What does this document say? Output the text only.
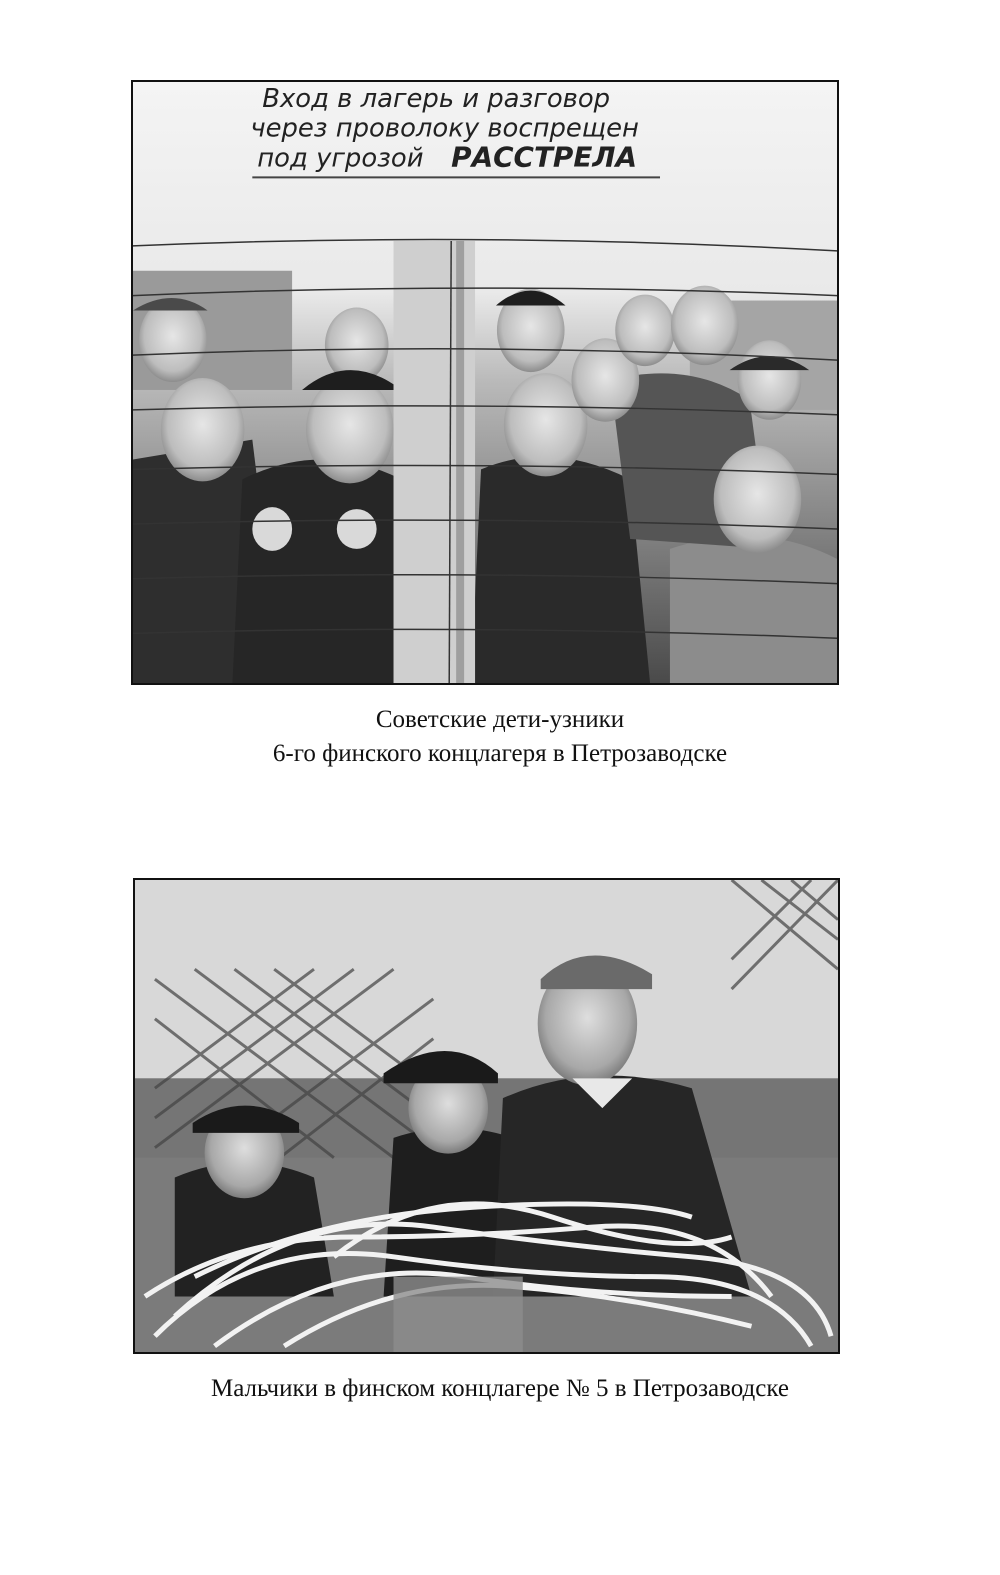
Вход в лагерь и разговор
через проволоку воспрещен
под угрозой РАССТРЕЛА
Советские дети-узники
6-го финского концлагеря в Петрозаводске
Мальчики в финском концлагере № 5 в Петрозаводске
